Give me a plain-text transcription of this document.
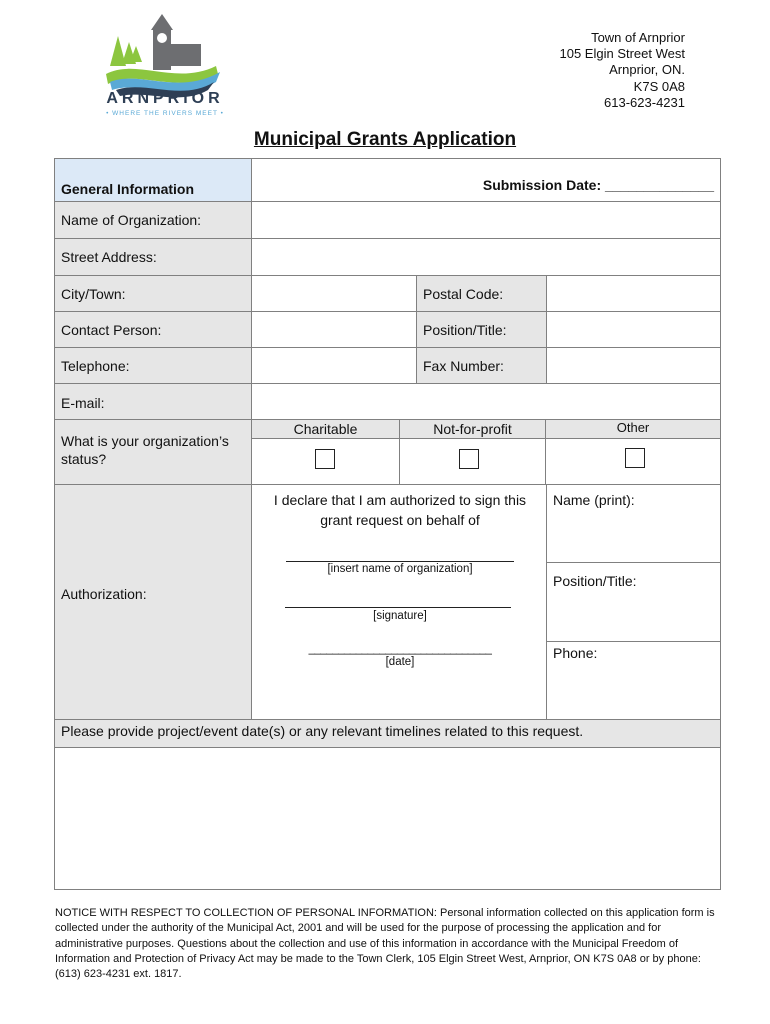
ARNPRIOR
• WHERE THE RIVERS MEET •
Town of Arnprior
105 Elgin Street West
Arnprior, ON.
K7S 0A8
613-623-4231
Municipal Grants Application
General Information	Submission Date: ______________
Name of Organization:
Street Address:
City/Town:	Postal Code:
Contact Person:	Position/Title:
Telephone:	Fax Number:
E-mail:
What is your organization’s status?
Charitable	Not-for-profit	Other
Authorization:
I declare that I am authorized to sign this grant request on behalf of
[insert name of organization]
[signature]
_______________________________
[date]
Name (print):
Position/Title:
Phone:
Please provide project/event date(s) or any relevant timelines related to this request.
NOTICE WITH RESPECT TO COLLECTION OF PERSONAL INFORMATION: Personal information collected on this application form is collected under the authority of the Municipal Act, 2001 and will be used for the purpose of processing the application and for administrative purposes. Questions about the collection and use of this information in accordance with the Municipal Freedom of Information and Protection of Privacy Act may be made to the Town Clerk, 105 Elgin Street West, Arnprior, ON K7S 0A8 or by phone: (613) 623-4231 ext. 1817.
